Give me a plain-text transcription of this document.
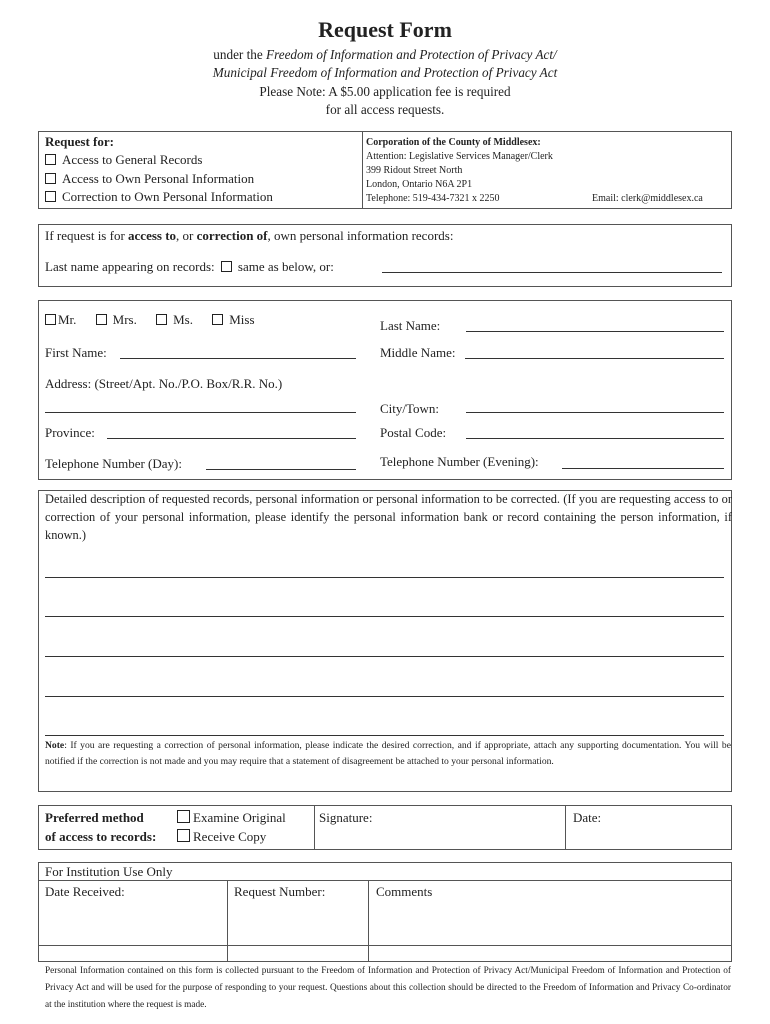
Request Form
under the Freedom of Information and Protection of Privacy Act/
Municipal Freedom of Information and Protection of Privacy Act
Please Note: A $5.00 application fee is required
for all access requests.
Request for:
Access to General Records
Access to Own Personal Information
Correction to Own Personal Information
Corporation of the County of Middlesex:
Attention: Legislative Services Manager/Clerk
399 Ridout Street North
London, Ontario N6A 2P1
Telephone: 519-434-7321 x 2250	Email: clerk@middlesex.ca
If request is for access to, or correction of, own personal information records:
Last name appearing on records: same as below, or:
Mr.	Mrs.	Ms.	Miss	Last Name:
First Name:	Middle Name:
Address: (Street/Apt. No./P.O. Box/R.R. No.)
City/Town:
Province:	Postal Code:
Telephone Number (Day):	Telephone Number (Evening):
Detailed description of requested records, personal information or personal information to be corrected. (If you are requesting access to or correction of your personal information, please identify the personal information bank or record containing the person information, if known.)
Note: If you are requesting a correction of personal information, please indicate the desired correction, and if appropriate, attach any supporting documentation. You will be notified if the correction is not made and you may require that a statement of disagreement be attached to your personal information.
Preferred method
of access to records:
Examine Original
Receive Copy
Signature:	Date:
For Institution Use Only
Date Received:	Request Number:	Comments
Personal Information contained on this form is collected pursuant to the Freedom of Information and Protection of Privacy Act/Municipal Freedom of Information and Protection of Privacy Act and will be used for the purpose of responding to your request. Questions about this collection should be directed to the Freedom of Information and Privacy Co-ordinator at the institution where the request is made.
